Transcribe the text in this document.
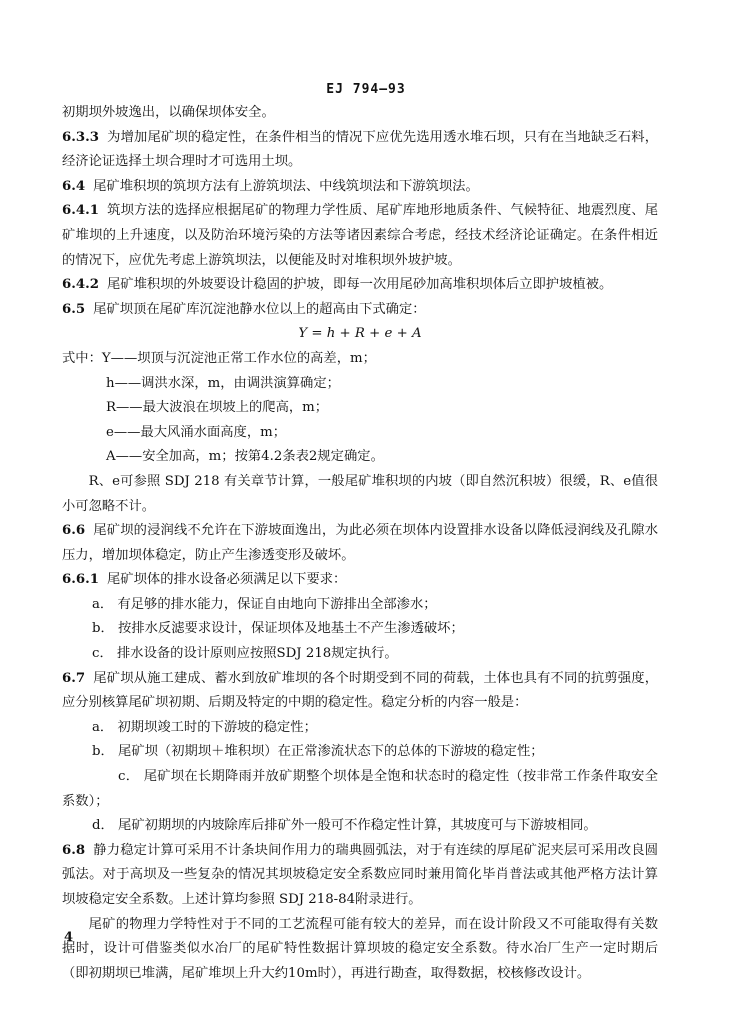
EJ 794—93

初期坝外坡逸出，以确保坝体安全。

6.3.3 为增加尾矿坝的稳定性，在条件相当的情况下应优先选用透水堆石坝，只有在当地缺乏石料，经济论证选择土坝合理时才可选用土坝。

6.4 尾矿堆积坝的筑坝方法有上游筑坝法、中线筑坝法和下游筑坝法。

6.4.1 筑坝方法的选择应根据尾矿的物理力学性质、尾矿库地形地质条件、气候特征、地震烈度、尾矿堆坝的上升速度，以及防治环境污染的方法等诸因素综合考虑，经技术经济论证确定。在条件相近的情况下，应优先考虑上游筑坝法，以便能及时对堆积坝外坡护坡。

6.4.2 尾矿堆积坝的外坡要设计稳固的护坡，即每一次用尾砂加高堆积坝体后立即护坡植被。

6.5 尾矿坝顶在尾矿库沉淀池静水位以上的超高由下式确定：

Y = h + R + e + A

式中：Y——坝顶与沉淀池正常工作水位的高差，m；

h——调洪水深，m，由调洪演算确定；

R——最大波浪在坝坡上的爬高，m；

e——最大风涌水面高度，m；

A——安全加高，m；按第4.2条表2规定确定。

R、e可参照 SDJ 218 有关章节计算，一般尾矿堆积坝的内坡（即自然沉积坡）很缓，R、e值很小可忽略不计。

6.6 尾矿坝的浸润线不允许在下游坡面逸出，为此必须在坝体内设置排水设备以降低浸润线及孔隙水压力，增加坝体稳定，防止产生渗透变形及破坏。

6.6.1 尾矿坝体的排水设备必须满足以下要求：

a． 有足够的排水能力，保证自由地向下游排出全部渗水；

b． 按排水反滤要求设计，保证坝体及地基土不产生渗透破坏；

c． 排水设备的设计原则应按照SDJ 218规定执行。

6.7 尾矿坝从施工建成、蓄水到放矿堆坝的各个时期受到不同的荷载，土体也具有不同的抗剪强度，应分别核算尾矿坝初期、后期及特定的中期的稳定性。稳定分析的内容一般是：

a． 初期坝竣工时的下游坡的稳定性；

b． 尾矿坝（初期坝＋堆积坝）在正常渗流状态下的总体的下游坡的稳定性；

c． 尾矿坝在长期降雨并放矿期整个坝体是全饱和状态时的稳定性（按非常工作条件取安全系数）；

d． 尾矿初期坝的内坡除库后排矿外一般可不作稳定性计算，其坡度可与下游坡相同。

6.8 静力稳定计算可采用不计条块间作用力的瑞典圆弧法，对于有连续的厚尾矿泥夹层可采用改良圆弧法。对于高坝及一些复杂的情况其坝坡稳定安全系数应同时兼用简化毕肖普法或其他严格方法计算坝坡稳定安全系数。上述计算均参照 SDJ 218-84附录进行。

尾矿的物理力学特性对于不同的工艺流程可能有较大的差异，而在设计阶段又不可能取得有关数据时，设计可借鉴类似水冶厂的尾矿特性数据计算坝坡的稳定安全系数。待水冶厂生产一定时期后（即初期坝已堆满，尾矿堆坝上升大约10m时），再进行勘查，取得数据，校核修改设计。

4
